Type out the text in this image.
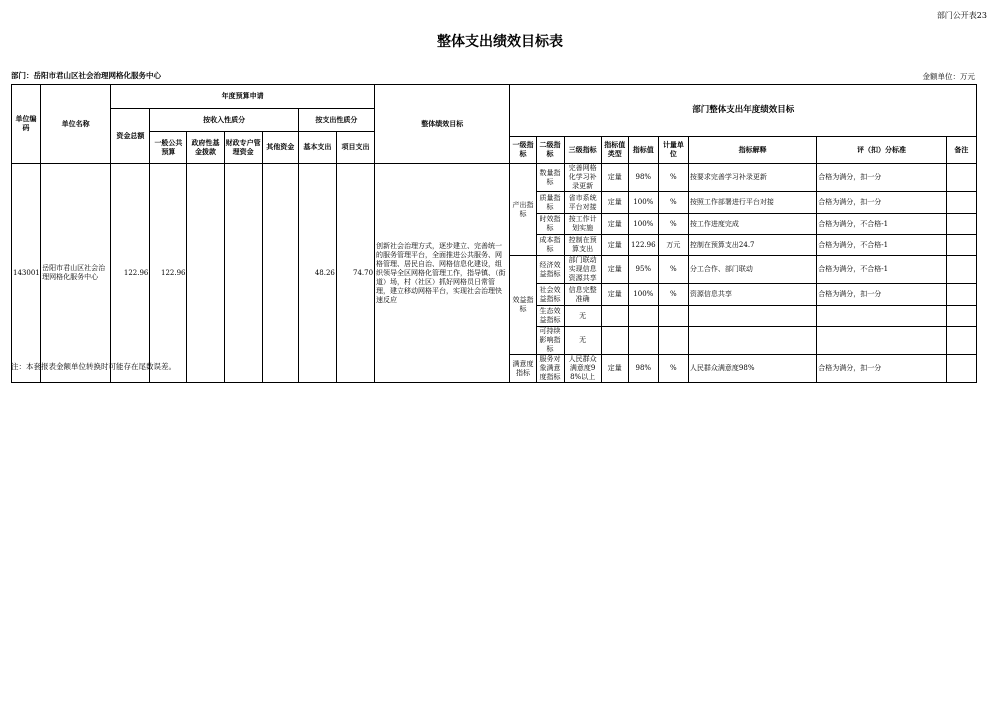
部门公开表23
整体支出绩效目标表
部门：岳阳市君山区社会治理网格化服务中心	金额单位：万元
单位编码	单位名称	年度预算申请							整体绩效目标	部门整体支出年度绩效目标								
		资金总额	按收入性质分				按支出性质分											
			一般公共预算	政府性基金拨款	财政专户管理资金	其他资金	基本支出	项目支出										
										一级指标	二级指标	三级指标	指标值类型	指标值	计量单位	指标解释	评（扣）分标准	备注
143001	岳阳市君山区社会治理网格化服务中心	122.96	122.96				48.26	74.70	创新社会治理方式，逐步建立、完善统一的服务管理平台，全面推进公共服务、网格管理、居民自治、网格信息化建设，组织领导全区网格化管理工作，指导镇、（街道）场，村（社区）抓好网格员日常管理，建立移动网格平台，实现社会治理快速反应	产出指标	数量指标	完善网格化学习补录更新	定量	98%	%	按要求完善学习补录更新	合格为满分，扣一分	
											质量指标	省市系统平台对接	定量	100%	%	按照工作部署进行平台对接	合格为满分，扣一分	
											时效指标	按工作计划实施	定量	100%	%	按工作进度完成	合格为满分，不合格-1	
											成本指标	控制在预算支出	定量	122.96	万元	控制在预算支出24.7	合格为满分，不合格-1	
										效益指标	经济效益指标	部门联动实现信息资源共享	定量	95%	%	分工合作、部门联动	合格为满分，不合格-1	
											社会效益指标	信息完整准确	定量	100%	%	资源信息共享	合格为满分，扣一分	
											生态效益指标	无						
											可持续影响指标	无						
										满意度指标	服务对象满意度指标	人民群众满意度98%以上	定量	98%	%	人民群众满意度98%	合格为满分，扣一分	
注：本套报表金额单位转换时可能存在尾数误差。
